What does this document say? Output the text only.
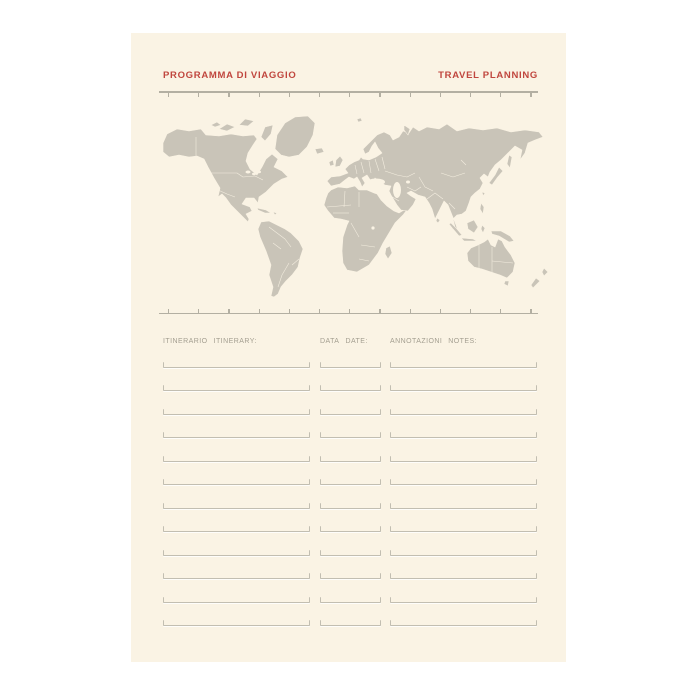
PROGRAMMA DI VIAGGIO	TRAVEL PLANNING
ITINERARIO ITINERARY:	DATA DATE:	ANNOTAZIONI NOTES:
